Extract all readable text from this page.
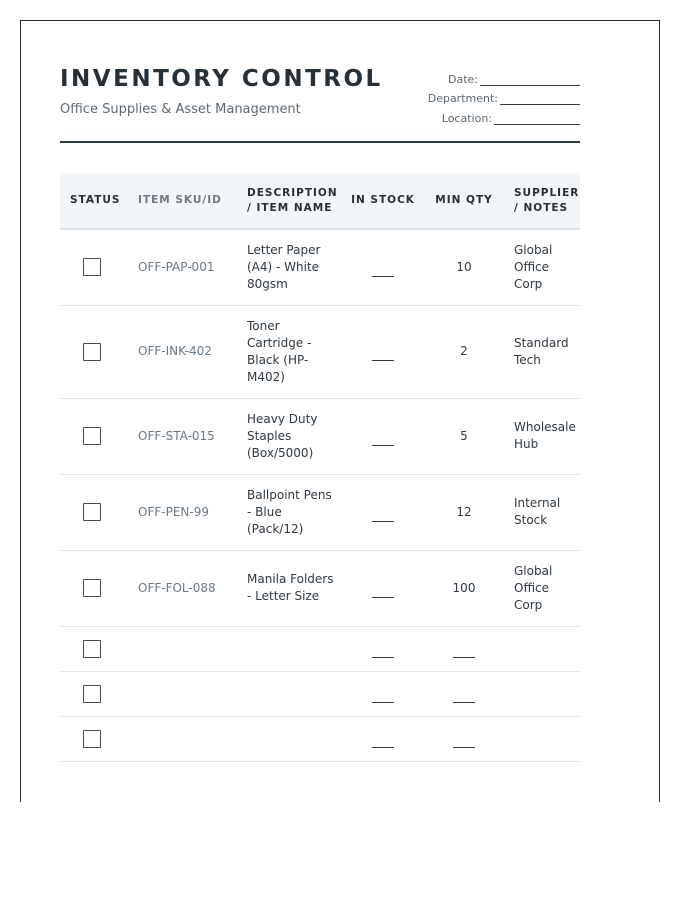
INVENTORY CONTROL
Office Supplies & Asset Management
Date:
Department:
Location:
STATUS	ITEM SKU/ID	DESCRIPTION / ITEM NAME	IN STOCK	MIN QTY	SUPPLIER / NOTES

	OFF-PAP-001	Letter Paper (A4) - White 80gsm		10	Global Office Corp

	OFF-INK-402	Toner Cartridge - Black (HP-M402)		2	Standard Tech

	OFF-STA-015	Heavy Duty Staples (Box/5000)		5	Wholesale Hub

	OFF-PEN-99	Ballpoint Pens - Blue (Pack/12)		12	Internal Stock

	OFF-FOL-088	Manila Folders - Letter Size		100	Global Office Corp
